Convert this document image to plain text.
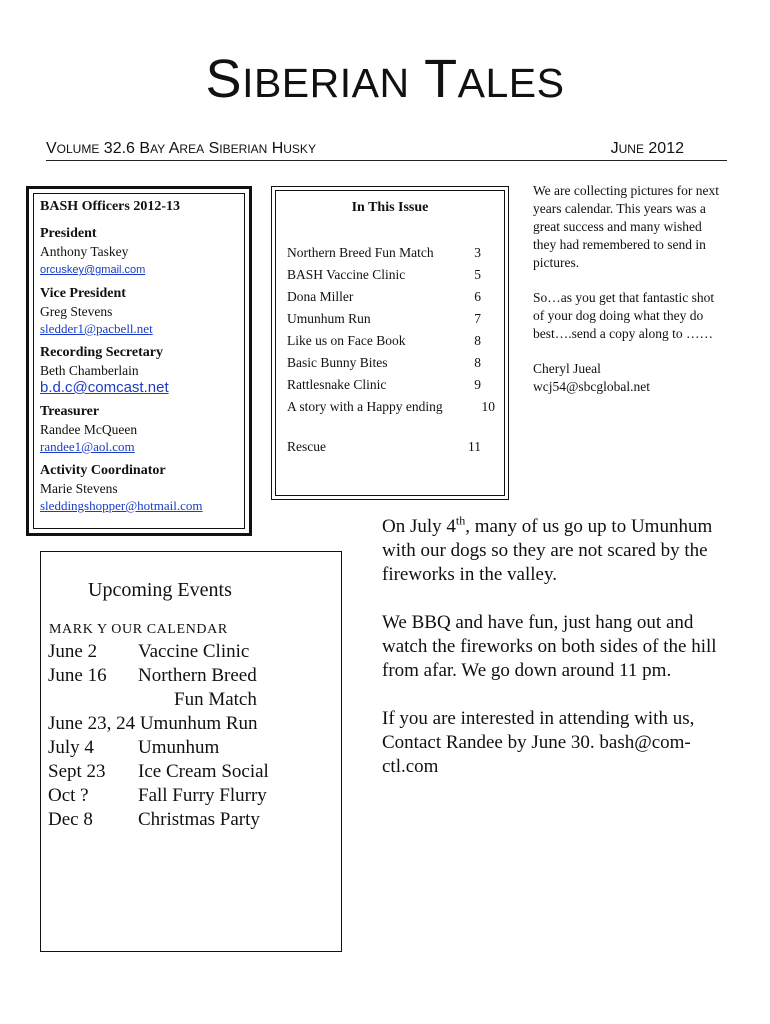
SIBERIAN TALES
VOLUME 32.6 BAY AREA SIBERIAN HUSKY	JUNE 2012
BASH Officers 2012-13
President
Anthony Taskey
orcuskey@gmail.com
Vice President
Greg Stevens
sledder1@pacbell.net
Recording Secretary
Beth Chamberlain
b.d.c@comcast.net
Treasurer
Randee McQueen
randee1@aol.com
Activity Coordinator
Marie Stevens
sleddingshopper@hotmail.com
In This Issue
Northern Breed Fun Match	3
BASH Vaccine Clinic	5
Dona Miller	6
Umunhum Run	7
Like us on Face Book	8
Basic Bunny Bites	8
Rattlesnake Clinic	9
A story with a Happy ending	10
Rescue	11

We are collecting pictures for next years calendar. This years was a great success and many wished they had remembered to send in pictures.

So…as you get that fantastic shot of your dog doing what they do best….send a copy along to ……

Cheryl Jueal
wcj54@sbcglobal.net
Upcoming Events
MARK Y OUR CALENDAR
June 2 Vaccine Clinic
June 16 Northern Breed
Fun Match
June 23, 24 Umunhum Run
July 4 Umunhum
Sept 23 Ice Cream Social
Oct ?	Fall Furry Flurry
Dec 8 Christmas Party

On July 4th, many of us go up to Umunhum with our dogs so they are not scared by the fireworks in the valley.

We BBQ and have fun, just hang out and watch the fireworks on both sides of the hill from afar. We go down around 11 pm.

If you are interested in attending with us, Contact Randee by June 30. bash@com-ctl.com
